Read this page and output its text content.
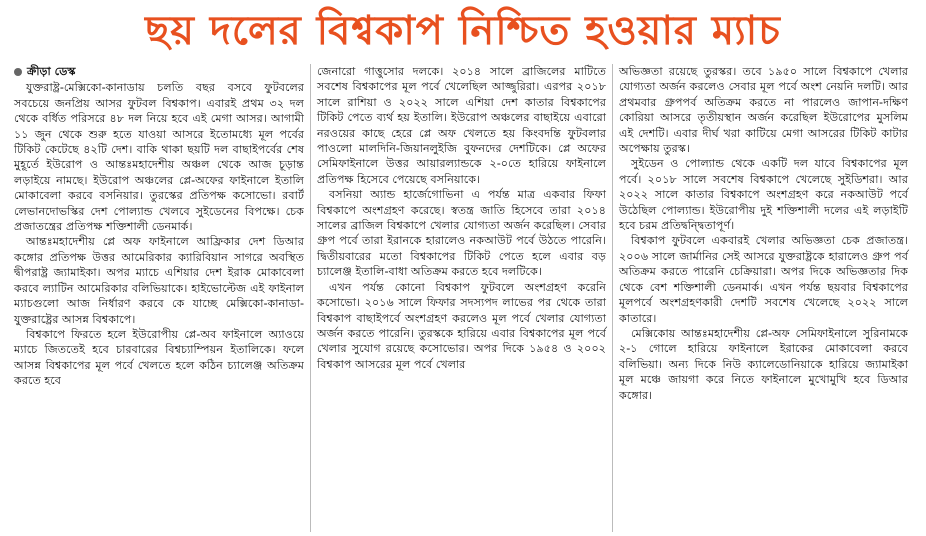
ছয় দলের বিশ্বকাপ নিশ্চিত হওয়ার ম্যাচ
ক্রীড়া ডেস্ক

যুক্তরাষ্ট্র-মেক্সিকো-কানাডায় চলতি বছর বসবে ফুটবলের সবচেয়ে জনপ্রিয় আসর ফুটবল বিশ্বকাপ। এবারই প্রথম ৩২ দল থেকে বর্ধিত পরিসরে ৪৮ দল নিয়ে হবে এই মেগা আসর। আগামী ১১ জুন থেকে শুরু হতে যাওয়া আসরে ইতোমধ্যে মূল পর্বের টিকিট কেটেছে ৪২টি দেশ। বাকি থাকা ছয়টি দল বাছাইপর্বের শেষ মুহূর্তে ইউরোপ ও আন্তঃমহাদেশীয় অঞ্চল থেকে আজ চূড়ান্ত লড়াইয়ে নামছে। ইউরোপ অঞ্চলের প্লে-অফের ফাইনালে ইতালি মোকাবেলা করবে বসনিয়ার। তুরস্কের প্রতিপক্ষ কসোভো। রবার্ট লেভানদোভস্কির দেশ পোল্যান্ড খেলবে সুইডেনের বিপক্ষে। চেক প্রজাতন্ত্রের প্রতিপক্ষ শক্তিশালী ডেনমার্ক।

আন্তঃমহাদেশীয় প্লে অফ ফাইনালে আফ্রিকার দেশ ডিআর কঙ্গোর প্রতিপক্ষ উত্তর আমেরিকার ক্যারিবিয়ান সাগরে অবস্থিত দ্বীপরাষ্ট্র জ্যামাইকা। অপর ম্যাচে এশিয়ার দেশ ইরাক মোকাবেলা করবে ল্যাটিন আমেরিকার বলিভিয়াকে। হাইভোল্টেজ এই ফাইনাল ম্যাচগুলো আজ নির্ধারণ করবে কে যাচ্ছে মেক্সিকো-কানাডা-যুক্তরাষ্ট্রের আসন্ন বিশ্বকাপে।

বিশ্বকাপে ফিরতে হলে ইউরোপীয় প্লে-অব ফাইনালে অ্যাওয়ে ম্যাচে জিততেই হবে চারবারের বিশ্বচ্যাম্পিয়ন ইতালিকে। ফলে আসন্ন বিশ্বকাপের মূল পর্বে খেলতে হলে কঠিন চ্যালেঞ্জ অতিক্রম করতে হবে

জেনারো গাত্তুসোর দলকে। ২০১৪ সালে ব্রাজিলের মাটিতে সবশেষ বিশ্বকাপের মূল পর্বে খেলেছিল আজ্জুরিরা। এরপর ২০১৮ সালে রাশিয়া ও ২০২২ সালে এশিয়া দেশ কাতার বিশ্বকাপের টিকিট পেতে ব্যর্থ হয় ইতালি। ইউরোপ অঞ্চলের বাছাইয়ে এবারো নরওয়ের কাছে হেরে প্লে অফ খেলতে হয় কিংবদন্তি ফুটবলার পাওলো মালদিনি-জিয়ানলুইজি বুফনদের দেশটিকে। প্লে অফের সেমিফাইনালে উত্তর আয়ারল্যান্ডকে ২-০তে হারিয়ে ফাইনালে প্রতিপক্ষ হিসেবে পেয়েছে বসনিয়াকে।

বসনিয়া অ্যান্ড হার্জেগোভিনা এ পর্যন্ত মাত্র একবার ফিফা বিশ্বকাপে অংশগ্রহণ করেছে। স্বতন্ত্র জাতি হিসেবে তারা ২০১৪ সালের ব্রাজিল বিশ্বকাপে খেলার যোগ্যতা অর্জন করেছিল। সেবার গ্রুপ পর্বে তারা ইরানকে হারালেও নকআউট পর্বে উঠতে পারেনি। দ্বিতীয়বারের মতো বিশ্বকাপের টিকিট পেতে হলে এবার বড় চ্যালেঞ্জ ইতালি-বাধা অতিক্রম করতে হবে দলটিকে।

এখন পর্যন্ত কোনো বিশ্বকাপ ফুটবলে অংশগ্রহণ করেনি কসোভো। ২০১৬ সালে ফিফার সদস্যপদ লাভের পর থেকে তারা বিশ্বকাপ বাছাইপর্বে অংশগ্রহণ করলেও মূল পর্বে খেলার যোগ্যতা অর্জন করতে পারেনি। তুরস্ককে হারিয়ে এবার বিশ্বকাপের মূল পর্বে খেলার সুযোগ রয়েছে কসোভোর। অপর দিকে ১৯৫৪ ও ২০০২ বিশ্বকাপ আসরের মূল পর্বে খেলার

অভিজ্ঞতা রয়েছে তুরস্কর। তবে ১৯৫০ সালে বিশ্বকাপে খেলার যোগ্যতা অর্জন করলেও সেবার মূল পর্বে অংশ নেয়নি দলটি। আর প্রথমবার গ্রুপপর্ব অতিক্রম করতে না পারলেও জাপান-দক্ষিণ কোরিয়া আসরে তৃতীয়স্থান অর্জন করেছিল ইউরোপের মুসলিম এই দেশটি। এবার দীর্ঘ খরা কাটিয়ে মেগা আসরের টিকিট কাটার অপেক্ষায় তুরস্ক।

সুইডেন ও পোল্যান্ড থেকে একটি দল যাবে বিশ্বকাপের মূল পর্বে। ২০১৮ সালে সবশেষ বিশ্বকাপে খেলেছে সুইডিশরা। আর ২০২২ সালে কাতার বিশ্বকাপে অংশগ্রহণ করে নকআউট পর্বে উঠেছিল পোল্যান্ড। ইউরোপীয় দুই শক্তিশালী দলের এই লড়াইটি হবে চরম প্রতিদ্বন্দ্বিতাপূর্ণ।

বিশ্বকাপ ফুটবলে একবারই খেলার অভিজ্ঞতা চেক প্রজাতন্ত্র। ২০০৬ সালে জার্মানির সেই আসরে যুক্তরাষ্ট্রকে হারালেও গ্রুপ পর্ব অতিক্রম করতে পারেনি চেক্রিয়ারা। অপর দিকে অভিজ্ঞতার দিক থেকে বেশ শক্তিশালী ডেনমার্ক। এখন পর্যন্ত ছয়বার বিশ্বকাপের মূলপর্বে অংশগ্রহণকারী দেশটি সবশেষ খেলেছে ২০২২ সালে কাতারে।

মেক্সিকোয় আন্তঃমহাদেশীয় প্লে-অফ সেমিফাইনালে সুরিনামকে ২-১ গোলে হারিয়ে ফাইনালে ইরাকের মোকাবেলা করবে বলিভিয়া। অন্য দিকে নিউ ক্যালেডোনিয়াকে হারিয়ে জ্যামাইকা মূল মঞ্চে জায়গা করে নিতে ফাইনালে মুখোমুখি হবে ডিআর কঙ্গোর।
